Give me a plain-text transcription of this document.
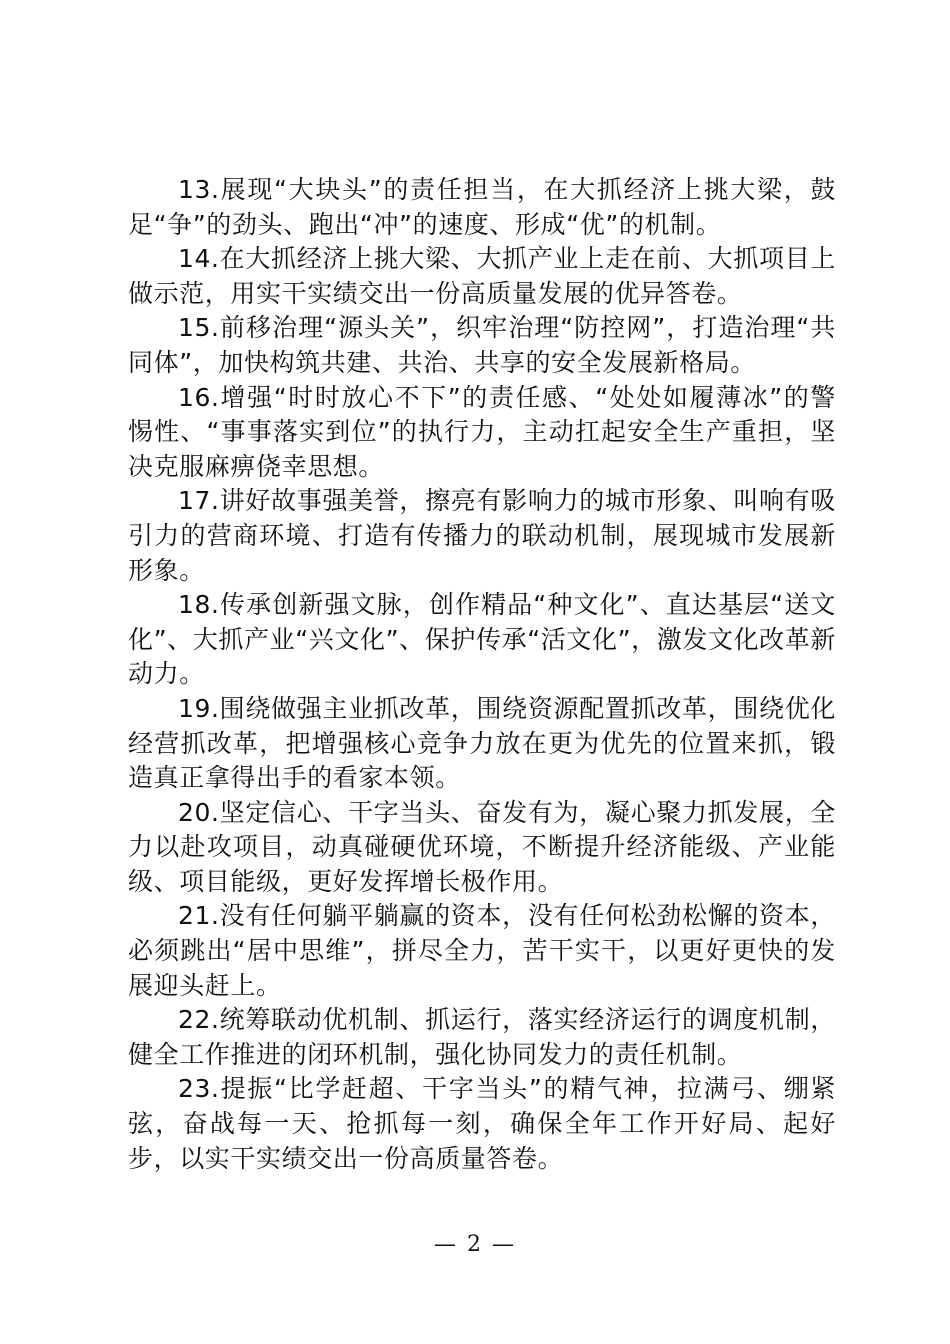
13.展现“大块头”的责任担当，在大抓经济上挑大梁，鼓足“争”的劲头、跑出“冲”的速度、形成“优”的机制。

14.在大抓经济上挑大梁、大抓产业上走在前、大抓项目上做示范，用实干实绩交出一份高质量发展的优异答卷。

15.前移治理“源头关”，织牢治理“防控网”，打造治理“共同体”，加快构筑共建、共治、共享的安全发展新格局。

16.增强“时时放心不下”的责任感、“处处如履薄冰”的警惕性、“事事落实到位”的执行力，主动扛起安全生产重担，坚决克服麻痹侥幸思想。

17.讲好故事强美誉，擦亮有影响力的城市形象、叫响有吸引力的营商环境、打造有传播力的联动机制，展现城市发展新形象。

18.传承创新强文脉，创作精品“种文化”、直达基层“送文化”、大抓产业“兴文化”、保护传承“活文化”，激发文化改革新动力。

19.围绕做强主业抓改革，围绕资源配置抓改革，围绕优化经营抓改革，把增强核心竞争力放在更为优先的位置来抓，锻造真正拿得出手的看家本领。

20.坚定信心、干字当头、奋发有为，凝心聚力抓发展，全力以赴攻项目，动真碰硬优环境，不断提升经济能级、产业能级、项目能级，更好发挥增长极作用。

21.没有任何躺平躺赢的资本，没有任何松劲松懈的资本，必须跳出“居中思维”，拼尽全力，苦干实干，以更好更快的发展迎头赶上。

22.统筹联动优机制、抓运行，落实经济运行的调度机制，健全工作推进的闭环机制，强化协同发力的责任机制。

23.提振“比学赶超、干字当头”的精气神，拉满弓、绷紧弦，奋战每一天、抢抓每一刻，确保全年工作开好局、起好步，以实干实绩交出一份高质量答卷。

— 2 —
